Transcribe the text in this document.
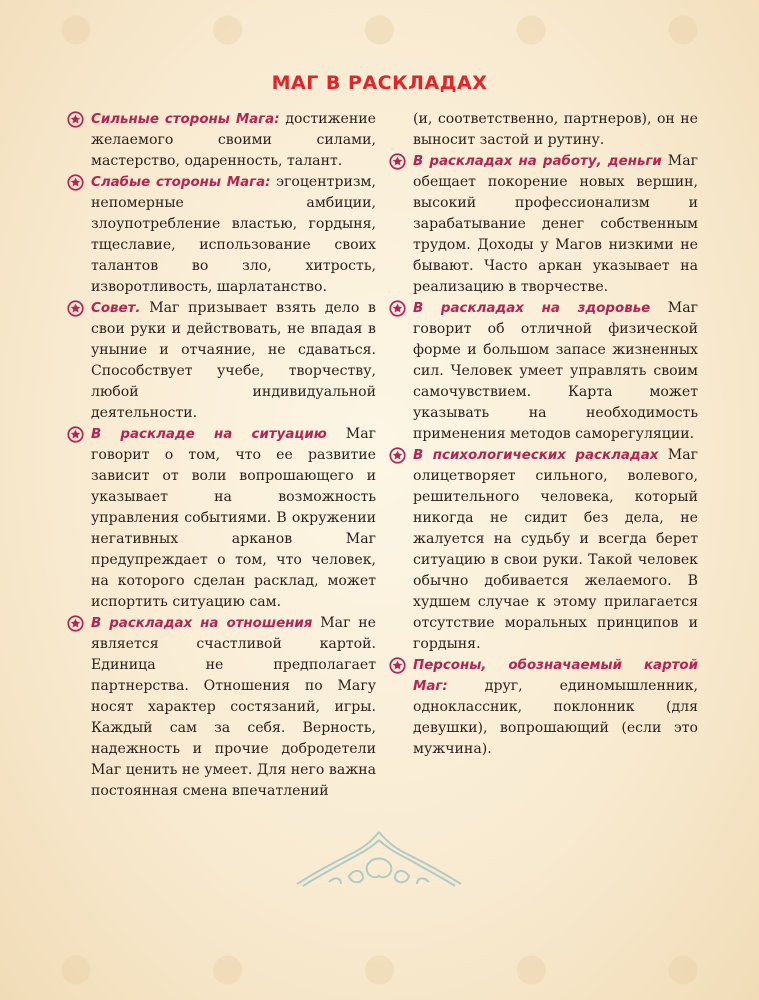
МАГ В РАСКЛАДАХ

Сильные стороны Мага: достижение желаемого своими силами, мастерство, одаренность, талант.

Слабые стороны Мага: эгоцентризм, непомерные амбиции, злоупотребление властью, гордыня, тщеславие, использование своих талантов во зло, хитрость, изворотливость, шарлатанство.

Совет. Маг призывает взять дело в свои руки и действовать, не впадая в уныние и отчаяние, не сдаваться. Способствует учебе, творчеству, любой индивидуальной деятельности.

В раскладе на ситуацию Маг говорит о том, что ее развитие зависит от воли вопрошающего и указывает на возможность управления событиями. В окружении негативных арканов Маг предупреждает о том, что человек, на которого сделан расклад, может испортить ситуацию сам.

В раскладах на отношения Маг не является счастливой картой. Единица не предполагает партнерства. Отношения по Магу носят характер состязаний, игры. Каждый сам за себя. Верность, надежность и прочие добродетели Маг ценить не умеет. Для него важна постоянная смена впечатлений

(и, соответственно, партнеров), он не выносит застой и рутину.

В раскладах на работу, деньги Маг обещает покорение новых вершин, высокий профессионализм и зарабатывание денег собственным трудом. Доходы у Магов низкими не бывают. Часто аркан указывает на реализацию в творчестве.

В раскладах на здоровье Маг говорит об отличной физической форме и большом запасе жизненных сил. Человек умеет управлять своим самочувствием. Карта может указывать на необходимость применения методов саморегуляции.

В психологических раскладах Маг олицетворяет сильного, волевого, решительного человека, который никогда не сидит без дела, не жалуется на судьбу и всегда берет ситуацию в свои руки. Такой человек обычно добивается желаемого. В худшем случае к этому прилагается отсутствие моральных принципов и гордыня.

Персоны, обозначаемый картой Маг: друг, единомышленник, одноклассник, поклонник (для девушки), вопрошающий (если это мужчина).
